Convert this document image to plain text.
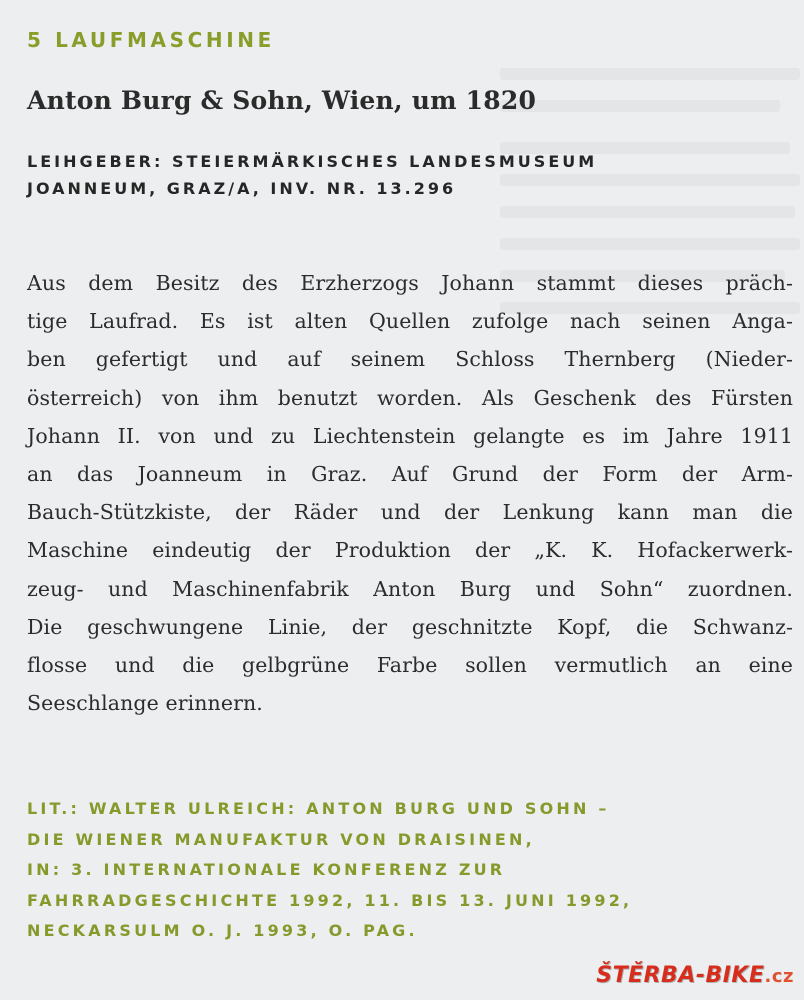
5 LAUFMASCHINE
Anton Burg & Sohn, Wien, um 1820
LEIHGEBER: STEIERMÄRKISCHES LANDESMUSEUM
JOANNEUM, GRAZ/A, INV. NR. 13.296
Aus dem Besitz des Erzherzogs Johann stammt dieses präch-
tige Laufrad. Es ist alten Quellen zufolge nach seinen Anga-
ben gefertigt und auf seinem Schloss Thernberg (Nieder-
österreich) von ihm benutzt worden. Als Geschenk des Fürsten
Johann II. von und zu Liechtenstein gelangte es im Jahre 1911
an das Joanneum in Graz. Auf Grund der Form der Arm-
Bauch-Stützkiste, der Räder und der Lenkung kann man die
Maschine eindeutig der Produktion der „K. K. Hofackerwerk-
zeug- und Maschinenfabrik Anton Burg und Sohn“ zuordnen.
Die geschwungene Linie, der geschnitzte Kopf, die Schwanz-
flosse und die gelbgrüne Farbe sollen vermutlich an eine
Seeschlange erinnern.
LIT.: WALTER ULREICH: ANTON BURG UND SOHN –
DIE WIENER MANUFAKTUR VON DRAISINEN,
IN: 3. INTERNATIONALE KONFERENZ ZUR
FAHRRADGESCHICHTE 1992, 11. BIS 13. JUNI 1992,
NECKARSULM O. J. 1993, O. PAG.
ŠTĚRBA-BIKE.cz
